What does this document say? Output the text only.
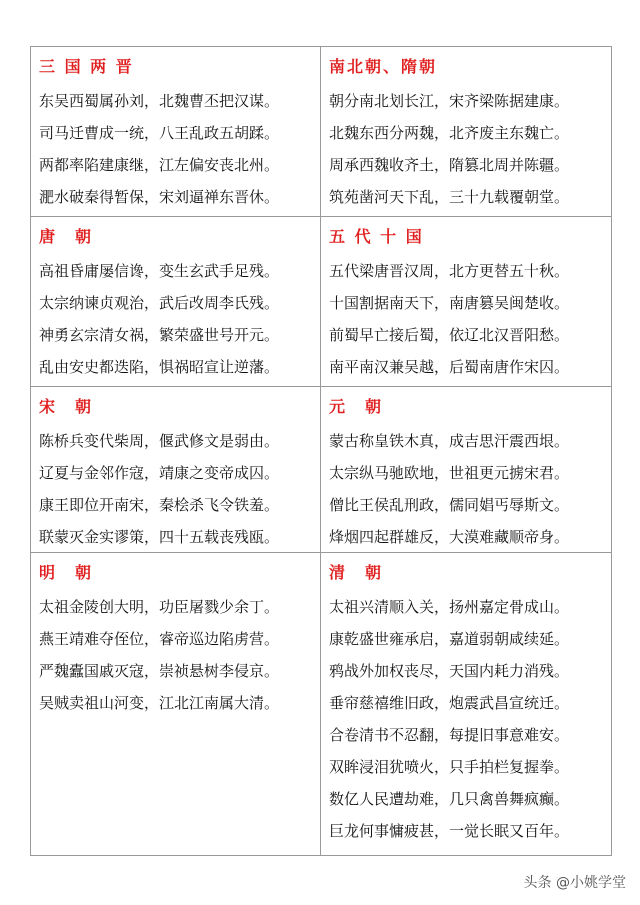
三 国 两 晋
东吴西蜀属孙刘，北魏曹丕把汉谋。
司马迁曹成一统，八王乱政五胡蹂。
两都率陷建康继，江左偏安丧北州。
淝水破秦得暂保，宋刘逼禅东晋休。
南北朝、隋朝
朝分南北划长江，宋齐梁陈据建康。
北魏东西分两魏，北齐废主东魏亡。
周承西魏收齐土，隋篡北周并陈疆。
筑苑凿河天下乱，三十九载覆朝堂。
唐　朝
高祖昏庸屡信谗，变生玄武手足残。
太宗纳谏贞观治，武后改周李氏残。
神勇玄宗清女祸，繁荣盛世号开元。
乱由安史都迭陷，惧祸昭宣让逆藩。
五 代 十 国
五代梁唐晋汉周，北方更替五十秋。
十国割据南天下，南唐篡吴闽楚收。
前蜀早亡接后蜀，依辽北汉晋阳愁。
南平南汉兼吴越，后蜀南唐作宋囚。
宋　朝
陈桥兵变代柴周，偃武修文是弱由。
辽夏与金邻作寇，靖康之变帝成囚。
康王即位开南宋，秦桧杀飞令铁羞。
联蒙灭金实谬策，四十五载丧残瓯。
元　朝
蒙古称皇铁木真，成吉思汗震西垠。
太宗纵马驰欧地，世祖更元掳宋君。
僧比王侯乱刑政，儒同娼丐辱斯文。
烽烟四起群雄反，大漠难藏顺帝身。
明　朝
太祖金陵创大明，功臣屠戮少余丁。
燕王靖难夺侄位，睿帝巡边陷虏营。
严魏蠹国戚灭寇，崇祯悬树李侵京。
吴贼卖祖山河变，江北江南属大清。
清　朝
太祖兴清顺入关，扬州嘉定骨成山。
康乾盛世雍承启，嘉道弱朝咸续延。
鸦战外加权丧尽，天国内耗力消残。
垂帘慈禧维旧政，炮震武昌宣统迁。
合卷清书不忍翻，每提旧事意难安。
双眸浸泪犹喷火，只手拍栏复握拳。
数亿人民遭劫难，几只禽兽舞疯癫。
巨龙何事慵疲甚，一觉长眠又百年。
头条 @小姚学堂
